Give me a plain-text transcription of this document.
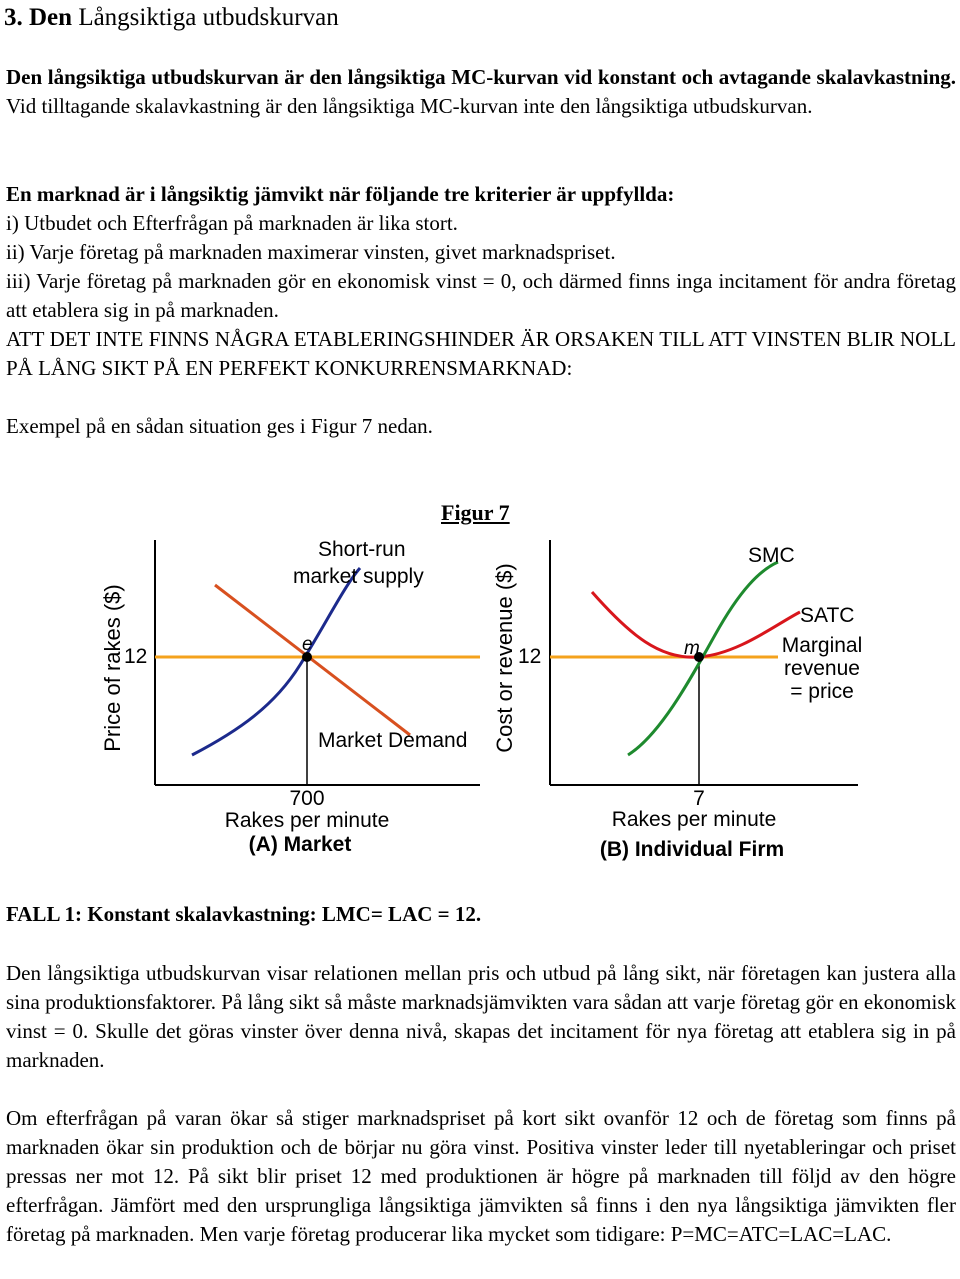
3. Den Långsiktiga utbudskurvan

Den långsiktiga utbudskurvan är den långsiktiga MC-kurvan vid konstant och avtagande skalavkastning. Vid tilltagande skalavkastning är den långsiktiga MC-kurvan inte den långsiktiga utbudskurvan.

En marknad är i långsiktig jämvikt när följande tre kriterier är uppfyllda:

i) Utbudet och Efterfrågan på marknaden är lika stort.

ii) Varje företag på marknaden maximerar vinsten, givet marknadspriset.

iii) Varje företag på marknaden gör en ekonomisk vinst = 0, och därmed finns inga incitament för andra företag att etablera sig in på marknaden.

ATT DET INTE FINNS NÅGRA ETABLERINGSHINDER ÄR ORSAKEN TILL ATT VINSTEN BLIR NOLL PÅ LÅNG SIKT PÅ EN PERFEKT KONKURRENSMARKNAD:

Exempel på en sådan situation ges i Figur 7 nedan.

Figur 7
Price of rakes ($) 12
Short-run
market supply
Market Demand
e
700
Rakes per minute
(A) Market
Cost or revenue ($) 12
SMC
SATC
Marginal
revenue
= price
m
7
Rakes per minute
(B) Individual Firm

FALL 1: Konstant skalavkastning: LMC= LAC = 12.

Den långsiktiga utbudskurvan visar relationen mellan pris och utbud på lång sikt, när företagen kan justera alla sina produktionsfaktorer. På lång sikt så måste marknadsjämvikten vara sådan att varje företag gör en ekonomisk vinst = 0. Skulle det göras vinster över denna nivå, skapas det incitament för nya företag att etablera sig in på marknaden.

Om efterfrågan på varan ökar så stiger marknadspriset på kort sikt ovanför 12 och de företag som finns på marknaden ökar sin produktion och de börjar nu göra vinst. Positiva vinster leder till nyetableringar och priset pressas ner mot 12. På sikt blir priset 12 med produktionen är högre på marknaden till följd av den högre efterfrågan. Jämfört med den ursprungliga långsiktiga jämvikten så finns i den nya långsiktiga jämvikten fler företag på marknaden. Men varje företag producerar lika mycket som tidigare: P=MC=ATC=LAC=LAC.
